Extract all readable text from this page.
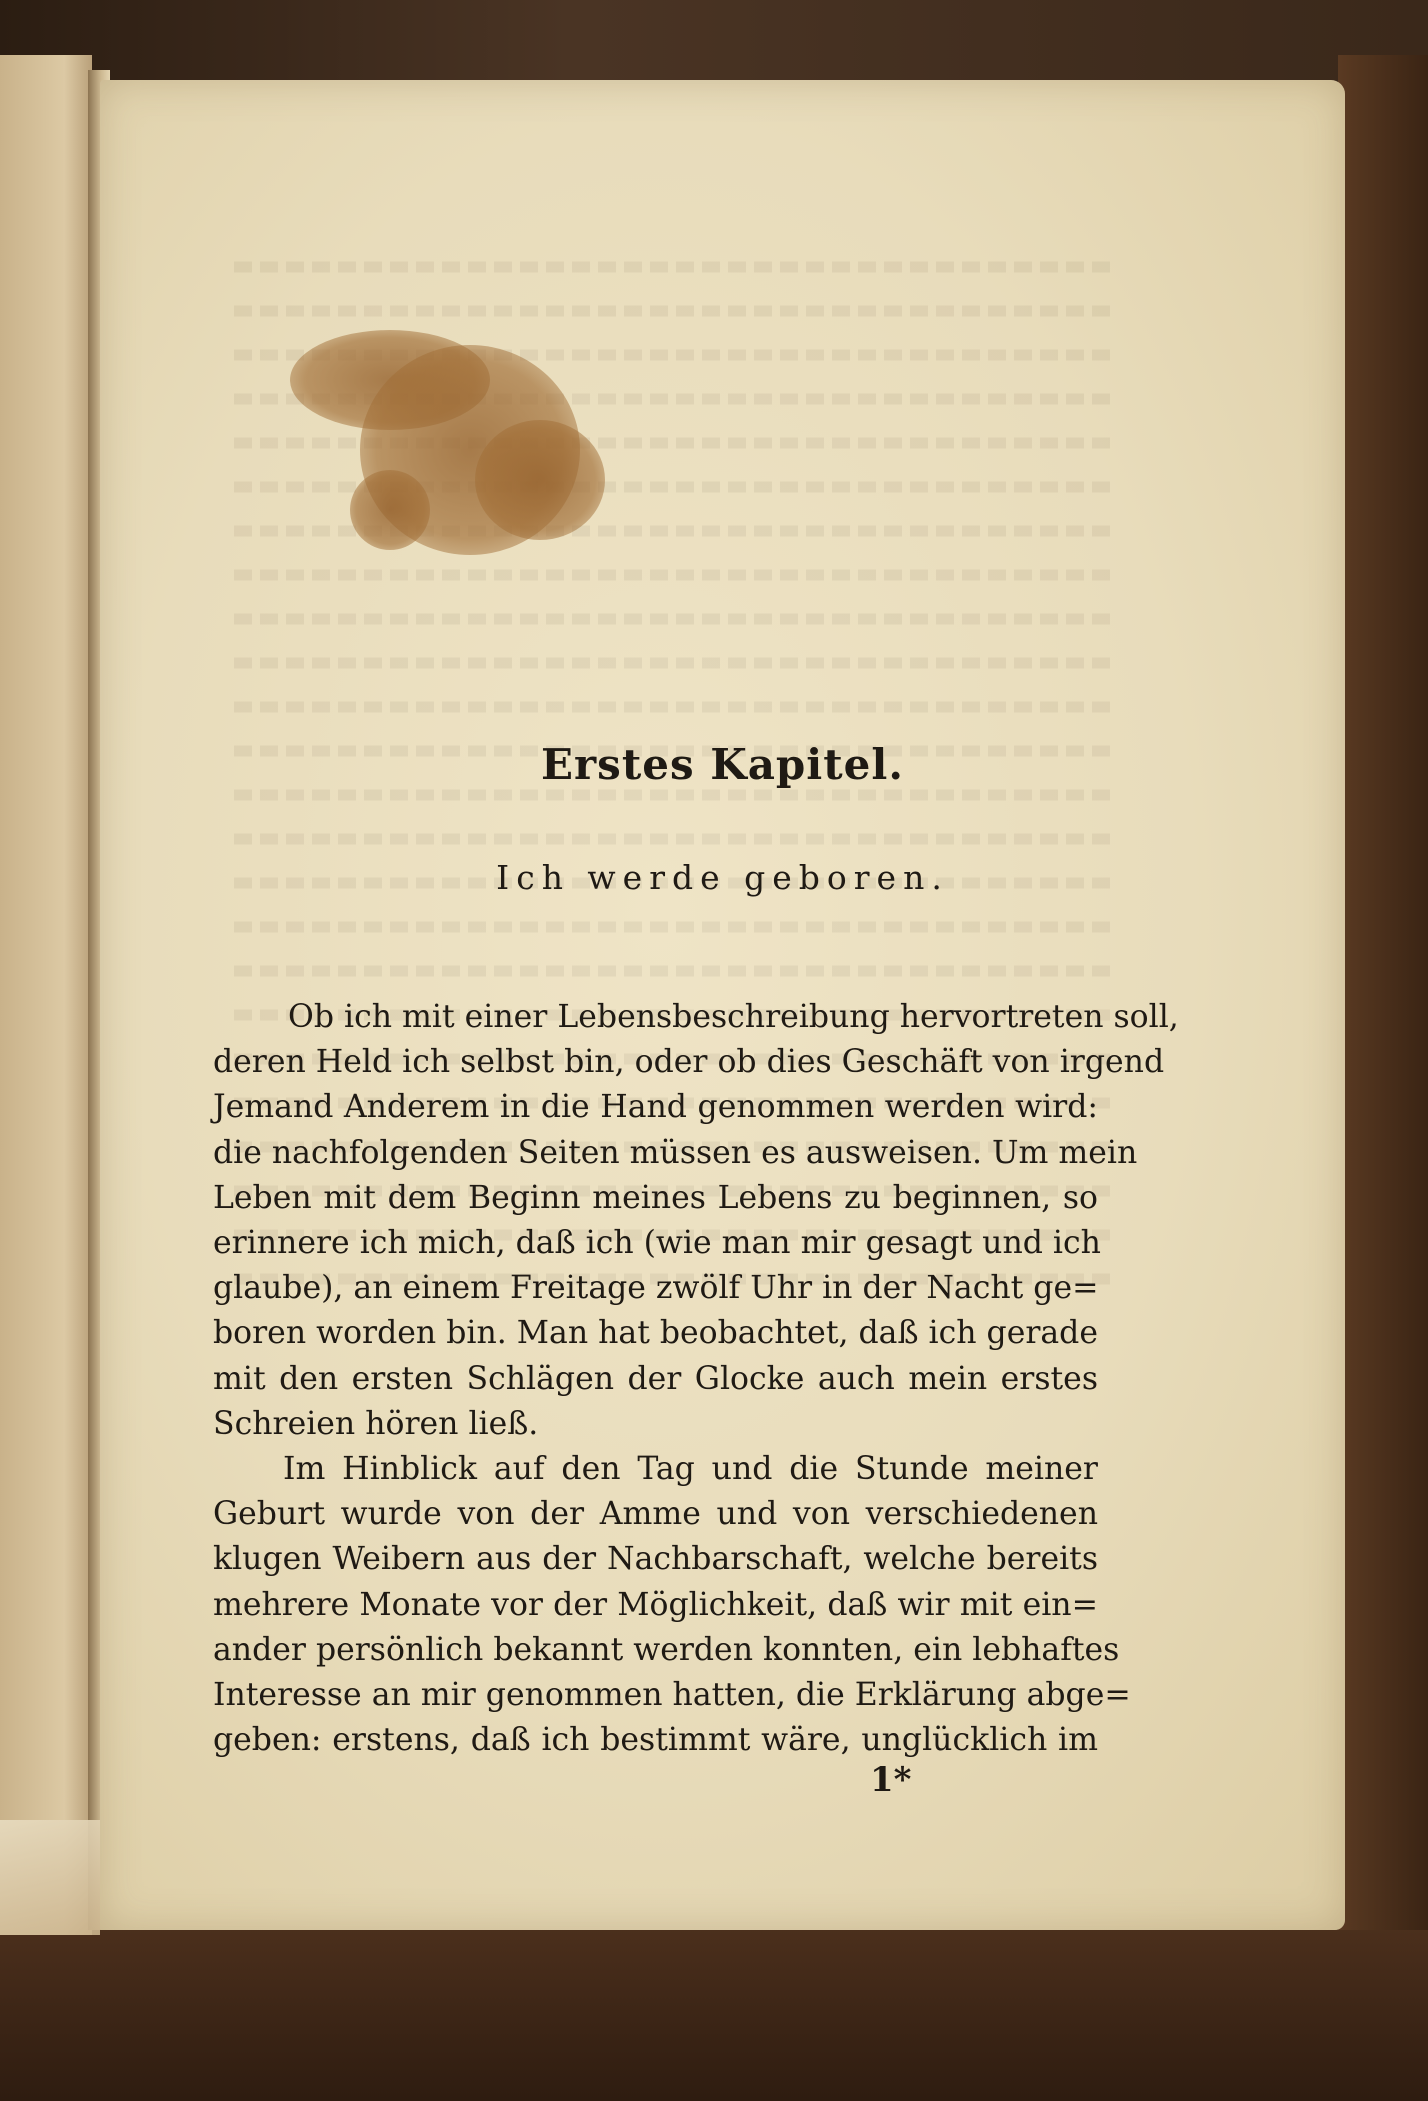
Erstes Kapitel.
Ich werde geboren.
Ob ich mit einer Lebensbeschreibung hervortreten soll,
deren Held ich selbst bin, oder ob dies Geschäft von irgend
Jemand Anderem in die Hand genommen werden wird:
die nachfolgenden Seiten müssen es ausweisen. Um mein
Leben mit dem Beginn meines Lebens zu beginnen, so
erinnere ich mich, daß ich (wie man mir gesagt und ich
glaube), an einem Freitage zwölf Uhr in der Nacht ge=
boren worden bin. Man hat beobachtet, daß ich gerade
mit den ersten Schlägen der Glocke auch mein erstes
Schreien hören ließ.
Im Hinblick auf den Tag und die Stunde meiner
Geburt wurde von der Amme und von verschiedenen
klugen Weibern aus der Nachbarschaft, welche bereits
mehrere Monate vor der Möglichkeit, daß wir mit ein=
ander persönlich bekannt werden konnten, ein lebhaftes
Interesse an mir genommen hatten, die Erklärung abge=
geben: erstens, daß ich bestimmt wäre, unglücklich im
1*
